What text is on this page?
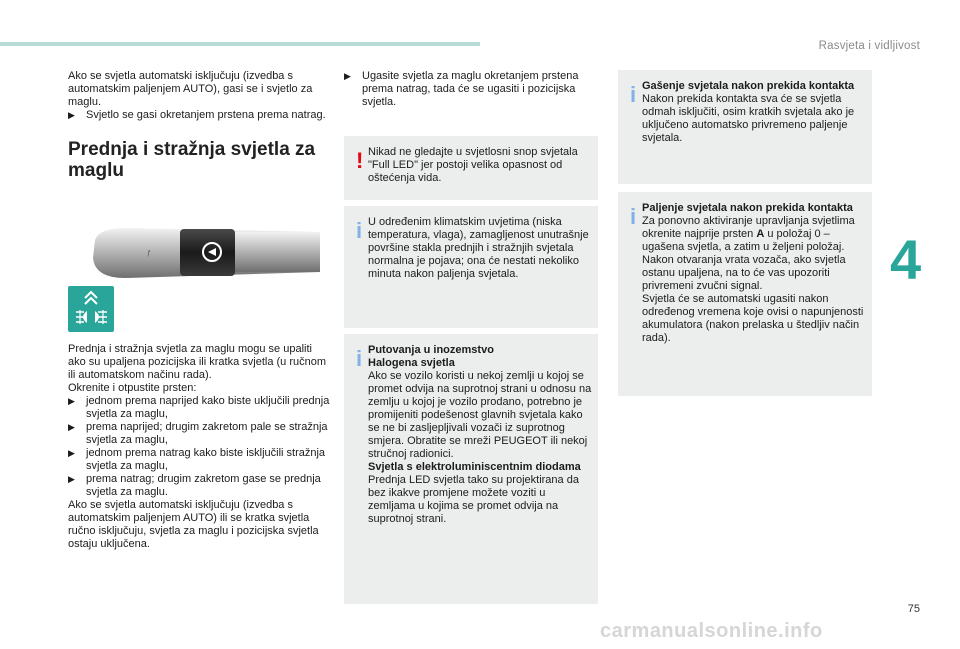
Rasvjeta i vidljivost
4

Ako se svjetla automatski isključuju (izvedba s automatskim paljenjem AUTO), gasi se i svjetlo za maglu.

▶ Svjetlo se gasi okretanjem prstena prema natrag.

Prednja i stražnja svjetla za maglu
ƒ

Prednja i stražnja svjetla za maglu mogu se upaliti ako su upaljena pozicijska ili kratka svjetla (u ručnom ili automatskom načinu rada).

Okrenite i otpustite prsten:

▶ jednom prema naprijed kako biste uključili prednja svjetla za maglu,

▶ prema naprijed; drugim zakretom pale se stražnja svjetla za maglu,

▶ jednom prema natrag kako biste isključili stražnja svjetla za maglu,

▶ prema natrag; drugim zakretom gase se prednja svjetla za maglu.

Ako se svjetla automatski isključuju (izvedba s automatskim paljenjem AUTO) ili se kratka svjetla ručno isključuju, svjetla za maglu i pozicijska svjetla ostaju uključena.

▶ Ugasite svjetla za maglu okretanjem prstena prema natrag, tada će se ugasiti i pozicijska svjetla.

! Nikad ne gledajte u svjetlosni snop svjetala "Full LED" jer postoji velika opasnost od oštećenja vida.
i U određenim klimatskim uvjetima (niska temperatura, vlaga), zamagljenost unutrašnje površine stakla prednjih i stražnjih svjetala normalna je pojava; ona će nestati nekoliko minuta nakon paljenja svjetala.
i Putovanja u inozemstvo
Halogena svjetla
Ako se vozilo koristi u nekoj zemlji u kojoj se promet odvija na suprotnoj strani u odnosu na zemlju u kojoj je vozilo prodano, potrebno je promijeniti podešenost glavnih svjetala kako se ne bi zasljepljivali vozači iz suprotnog smjera. Obratite se mreži PEUGEOT ili nekoj stručnoj radionici.
Svjetla s elektroluminiscentnim diodama
Prednja LED svjetla tako su projektirana da bez ikakve promjene možete voziti u zemljama u kojima se promet odvija na suprotnoj strani.
i Gašenje svjetala nakon prekida kontakta
Nakon prekida kontakta sva će se svjetla odmah isključiti, osim kratkih svjetala ako je uključeno automatsko privremeno paljenje svjetala.
i Paljenje svjetala nakon prekida kontakta
Za ponovno aktiviranje upravljanja svjetlima okrenite najprije prsten A u položaj 0 – ugašena svjetla, a zatim u željeni položaj.
Nakon otvaranja vrata vozača, ako svjetla ostanu upaljena, na to će vas upozoriti privremeni zvučni signal.
Svjetla će se automatski ugasiti nakon određenog vremena koje ovisi o napunjenosti akumulatora (nakon prelaska u štedljiv način rada).
75
carmanualsonline.info
